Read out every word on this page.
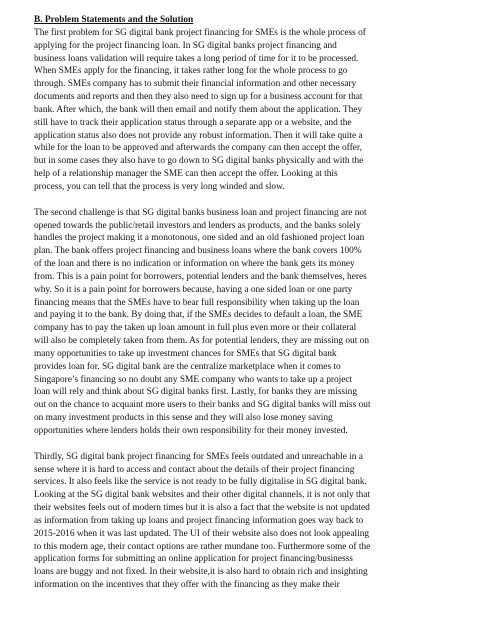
B. Problem Statements and the Solution

The first problem for SG digital bank project financing for SMEs is the whole process of
applying for the project financing loan. In SG digital banks project financing and
business loans validation will require takes a long period of time for it to be processed.
When SMEs apply for the financing, it takes rather long for the whole process to go
through. SMEs company has to submit their financial information and other necessary
documents and reports and then they also need to sign up for a business account for that
bank. After which, the bank will then email and notify them about the application. They
still have to track their application status through a separate app or a website, and the
application status also does not provide any robust information. Then it will take quite a
while for the loan to be approved and afterwards the company can then accept the offer,
but in some cases they also have to go down to SG digital banks physically and with the
help of a relationship manager the SME can then accept the offer. Looking at this
process, you can tell that the process is very long winded and slow.

The second challenge is that SG digital banks business loan and project financing are not
opened towards the public/retail investors and lenders as products, and the banks solely
handles the project making it a monotonous, one sided and an old fashioned project loan
plan. The bank offers project financing and business loans where the bank covers 100%
of the loan and there is no indication or information on where the bank gets its money
from. This is a pain point for borrowers, potential lenders and the bank themselves, heres
why. So it is a pain point for borrowers because, having a one sided loan or one party
financing means that the SMEs have to bear full responsibility when taking up the loan
and paying it to the bank. By doing that, if the SMEs decides to default a loan, the SME
company has to pay the taken up loan amount in full plus even more or their collateral
will also be completely taken from them. As for potential lenders, they are missing out on
many opportunities to take up investment chances for SMEs that SG digital bank
provides loan for. SG digital bank are the centralize marketplace when it comes to
Singapore’s financing so no doubt any SME company who wants to take up a project
loan will rely and think about SG digital banks first. Lastly, for banks they are missing
out on the chance to acquaint more users to their banks and SG digital banks will miss out
on many investment products in this sense and they will also lose money saving
opportunities where lenders holds their own responsibility for their money invested.

Thirdly, SG digital bank project financing for SMEs feels outdated and unreachable in a
sense where it is hard to access and contact about the details of their project financing
services. It also feels like the service is not ready to be fully digitalise in SG digital bank.
Looking at the SG digital bank websites and their other digital channels, it is not only that
their websites feels out of modern times but it is also a fact that the website is not updated
as information from taking up loans and project financing information goes way back to
2015-2016 when it was last updated. The UI of their website also does not look appealing
to this modern age, their contact options are rather mundane too. Furthermore some of the
application forms for submitting an online application for project financing/businesss
loans are buggy and not fixed. In their website,it is also hard to obtain rich and insighting
information on the incentives that they offer with the financing as they make their
